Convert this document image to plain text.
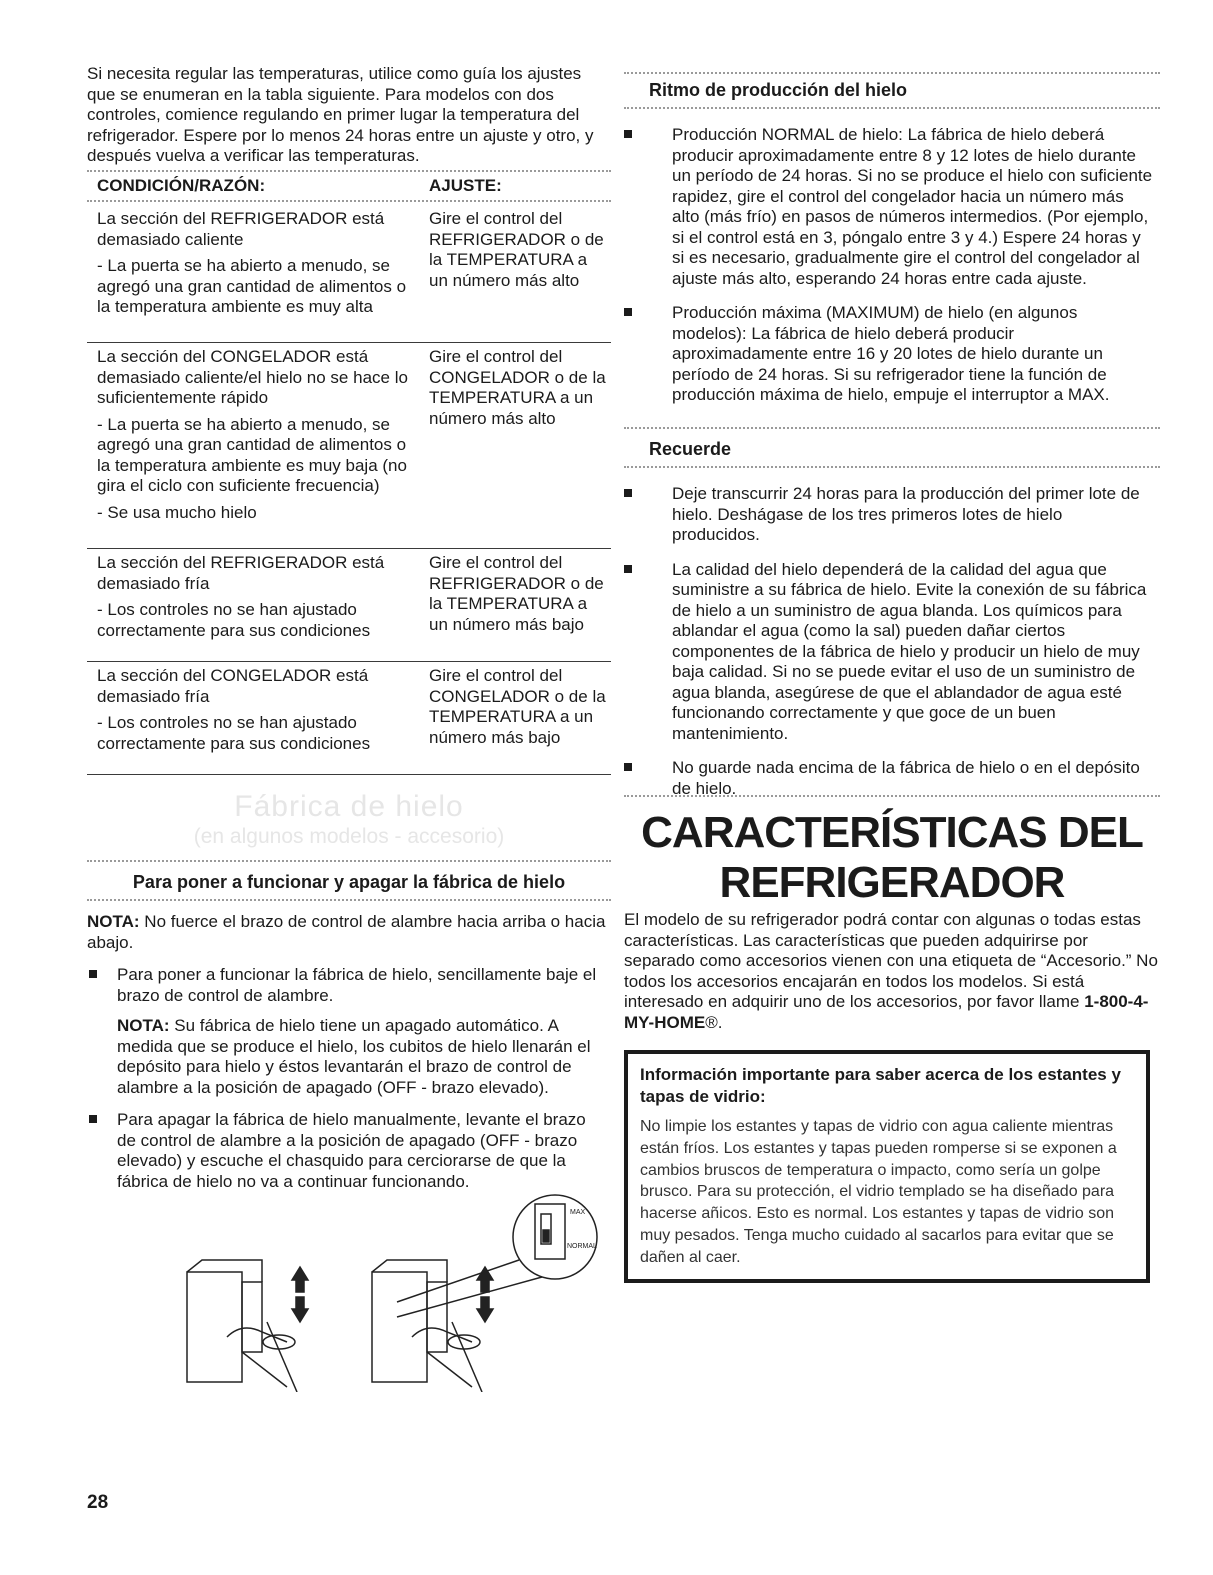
Si necesita regular las temperaturas, utilice como guía los ajustes que se enumeran en la tabla siguiente. Para modelos con dos controles, comience regulando en primer lugar la temperatura del refrigerador. Espere por lo menos 24 horas entre un ajuste y otro, y después vuelva a verificar las temperaturas.

CONDICIÓN/RAZÓN:	AJUSTE:

La sección del REFRIGERADOR está demasiado caliente

- La puerta se ha abierto a menudo, se agregó una gran cantidad de alimentos o la temperatura ambiente es muy alta

Gire el control del REFRIGERADOR o de la TEMPERATURA a un número más alto

La sección del CONGELADOR está demasiado caliente/el hielo no se hace lo suficientemente rápido

- La puerta se ha abierto a menudo, se agregó una gran cantidad de alimentos o la temperatura ambiente es muy baja (no gira el ciclo con suficiente frecuencia)

- Se usa mucho hielo

Gire el control del CONGELADOR o de la TEMPERATURA a un número más alto

La sección del REFRIGERADOR está demasiado fría

- Los controles no se han ajustado correctamente para sus condiciones

Gire el control del REFRIGERADOR o de la TEMPERATURA a un número más bajo

La sección del CONGELADOR está demasiado fría

- Los controles no se han ajustado correctamente para sus condiciones

Gire el control del CONGELADOR o de la TEMPERATURA a un número más bajo

Fábrica de hielo
(en algunos modelos - accesorio)
Para poner a funcionar y apagar la fábrica de hielo

NOTA: No fuerce el brazo de control de alambre hacia arriba o hacia abajo.

Para poner a funcionar la fábrica de hielo, sencillamente baje el brazo de control de alambre.

NOTA: Su fábrica de hielo tiene un apagado automático. A medida que se produce el hielo, los cubitos de hielo llenarán el depósito para hielo y éstos levantarán el brazo de control de alambre a la posición de apagado (OFF - brazo elevado).

Para apagar la fábrica de hielo manualmente, levante el brazo de control de alambre a la posición de apagado (OFF - brazo elevado) y escuche el chasquido para cerciorarse de que la fábrica de hielo no va a continuar funcionando.
MAX
NORMAL
Ritmo de producción del hielo
Producción NORMAL de hielo: La fábrica de hielo deberá producir aproximadamente entre 8 y 12 lotes de hielo durante un período de 24 horas. Si no se produce el hielo con suficiente rapidez, gire el control del congelador hacia un número más alto (más frío) en pasos de números intermedios. (Por ejemplo, si el control está en 3, póngalo entre 3 y 4.) Espere 24 horas y si es necesario, gradualmente gire el control del congelador al ajuste más alto, esperando 24 horas entre cada ajuste.
Producción máxima (MAXIMUM) de hielo (en algunos modelos): La fábrica de hielo deberá producir aproximadamente entre 16 y 20 lotes de hielo durante un período de 24 horas. Si su refrigerador tiene la función de producción máxima de hielo, empuje el interruptor a MAX.
Recuerde
Deje transcurrir 24 horas para la producción del primer lote de hielo. Deshágase de los tres primeros lotes de hielo producidos.
La calidad del hielo dependerá de la calidad del agua que suministre a su fábrica de hielo. Evite la conexión de su fábrica de hielo a un suministro de agua blanda. Los químicos para ablandar el agua (como la sal) pueden dañar ciertos componentes de la fábrica de hielo y producir un hielo de muy baja calidad. Si no se puede evitar el uso de un suministro de agua blanda, asegúrese de que el ablandador de agua esté funcionando correctamente y que goce de un buen mantenimiento.
No guarde nada encima de la fábrica de hielo o en el depósito de hielo.
CARACTERÍSTICAS DEL
REFRIGERADOR

El modelo de su refrigerador podrá contar con algunas o todas estas características. Las características que pueden adquirirse por separado como accesorios vienen con una etiqueta de “Accesorio.” No todos los accesorios encajarán en todos los modelos. Si está interesado en adquirir uno de los accesorios, por favor llame 1-800-4-MY-HOME®.

Información importante para saber acerca de los estantes y tapas de vidrio:

No limpie los estantes y tapas de vidrio con agua caliente mientras están fríos. Los estantes y tapas pueden romperse si se exponen a cambios bruscos de temperatura o impacto, como sería un golpe brusco. Para su protección, el vidrio templado se ha diseñado para hacerse añicos. Esto es normal. Los estantes y tapas de vidrio son muy pesados. Tenga mucho cuidado al sacarlos para evitar que se dañen al caer.

28
